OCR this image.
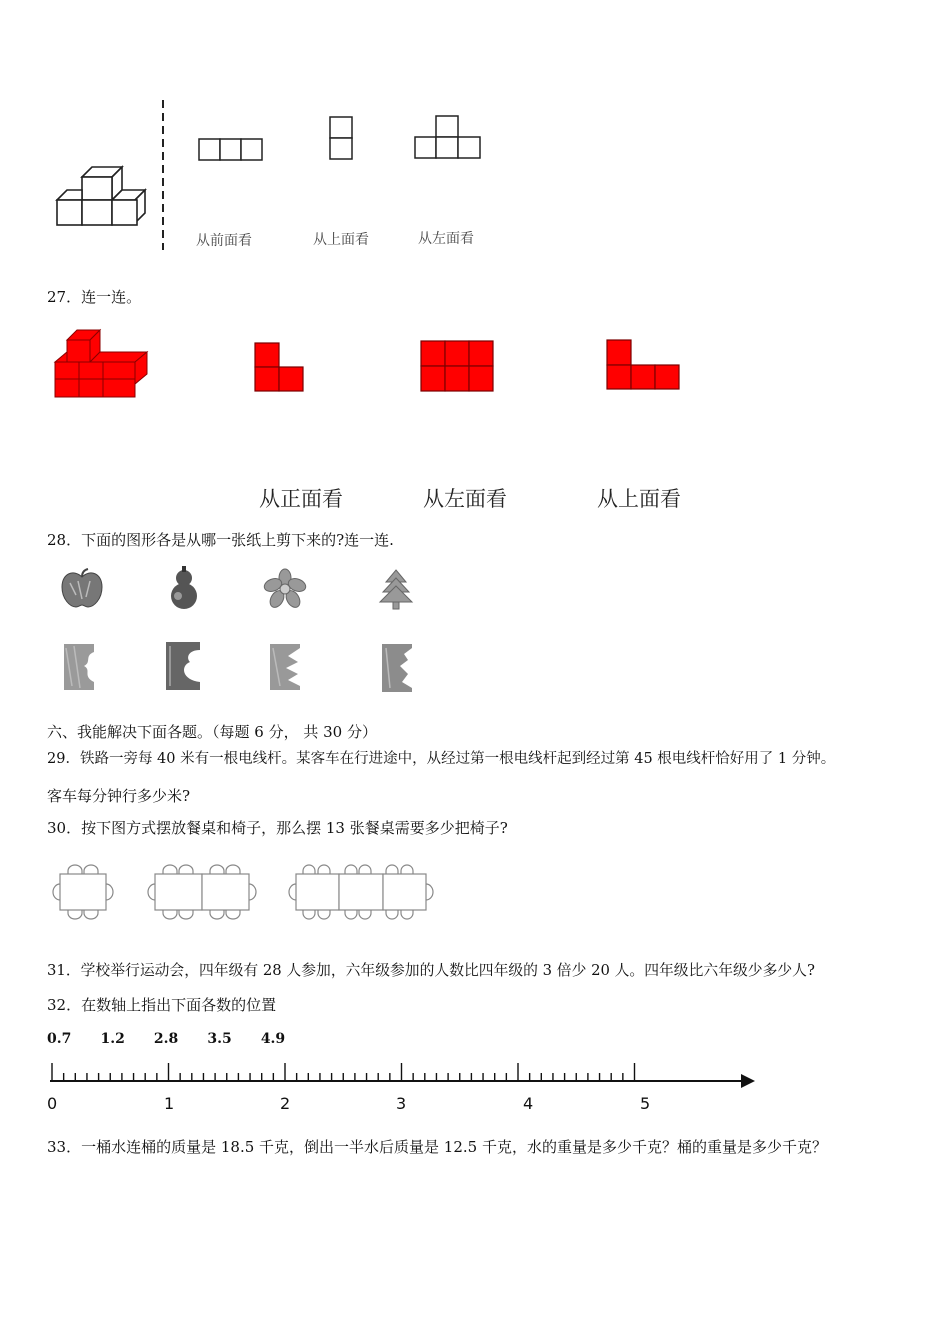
从前面看	从上面看	从左面看
27．连一连。
从正面看	从左面看	从上面看
28．下面的图形各是从哪一张纸上剪下来的?连一连.
六、我能解决下面各题。（每题 6 分， 共 30 分）
29．铁路一旁每 40 米有一根电线杆。某客车在行进途中，从经过第一根电线杆起到经过第 45 根电线杆恰好用了 1 分钟。
客车每分钟行多少米?
30．按下图方式摆放餐桌和椅子，那么摆 13 张餐桌需要多少把椅子?
31．学校举行运动会，四年级有 28 人参加，六年级参加的人数比四年级的 3 倍少 20 人。四年级比六年级少多少人?
32．在数轴上指出下面各数的位置
0.7 1.2 2.8 3.5 4.9
0	1	2	3	4	5
33．一桶水连桶的质量是 18.5 千克，倒出一半水后质量是 12.5 千克，水的重量是多少千克？桶的重量是多少千克？
